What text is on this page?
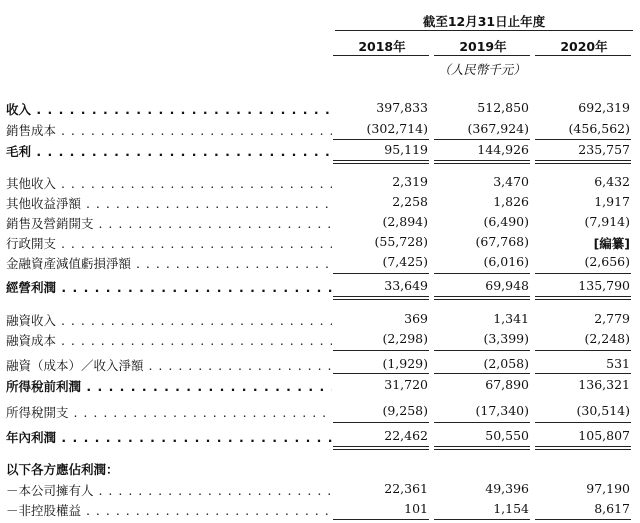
截至12月31日止年度
2018年	2019年	2020年
（人民幣千元）
收入 . . .	397,833	512,850	692,319
銷售成本 . . .	(302,714)	(367,924)	(456,562)
毛利 . . .	95,119	144,926	235,757
其他收入 . . .	2,319	3,470	6,432
其他收益淨額 . . .	2,258	1,826	1,917
銷售及營銷開支 . . .	(2,894)	(6,490)	(7,914)
行政開支 . . .	(55,728)	(67,768)	[編纂]
金融資產減值虧損淨額 . . .	(7,425)	(6,016)	(2,656)
經營利潤 . . .	33,649	69,948	135,790
融資收入 . . .	369	1,341	2,779
融資成本 . . .	(2,298)	(3,399)	(2,248)
融資（成本）／收入淨額 . . .	(1,929)	(2,058)	531
所得稅前利潤 . . .	31,720	67,890	136,321
所得稅開支 . . .	(9,258)	(17,340)	(30,514)
年內利潤 . . .	22,462	50,550	105,807
以下各方應佔利潤：
－本公司擁有人 . . .	22,361	49,396	97,190
－非控股權益 . . .	101	1,154	8,617
